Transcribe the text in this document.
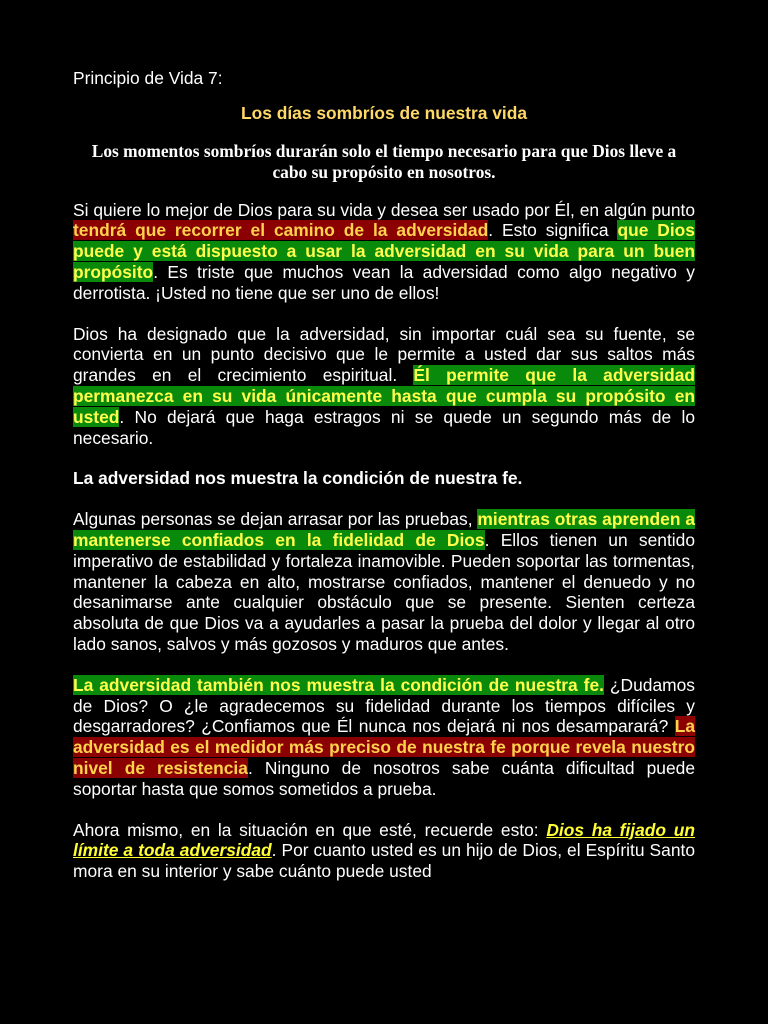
Principio de Vida 7:
Los días sombríos de nuestra vida
Los momentos sombríos durarán solo el tiempo necesario para que Dios lleve a cabo su propósito en nosotros.

Si quiere lo mejor de Dios para su vida y desea ser usado por Él, en algún punto tendrá que recorrer el camino de la adversidad. Esto significa que Dios puede y está dispuesto a usar la adversidad en su vida para un buen propósito. Es triste que muchos vean la adversidad como algo negativo y derrotista. ¡Usted no tiene que ser uno de ellos!

Dios ha designado que la adversidad, sin importar cuál sea su fuente, se convierta en un punto decisivo que le permite a usted dar sus saltos más grandes en el crecimiento espiritual. Él permite que la adversidad permanezca en su vida únicamente hasta que cumpla su propósito en usted. No dejará que haga estragos ni se quede un segundo más de lo necesario.

La adversidad nos muestra la condición de nuestra fe.

Algunas personas se dejan arrasar por las pruebas, mientras otras aprenden a mantenerse confiados en la fidelidad de Dios. Ellos tienen un sentido imperativo de estabilidad y fortaleza inamovible. Pueden soportar las tormentas, mantener la cabeza en alto, mostrarse confiados, mantener el denuedo y no desanimarse ante cualquier obstáculo que se presente. Sienten certeza absoluta de que Dios va a ayudarles a pasar la prueba del dolor y llegar al otro lado sanos, salvos y más gozosos y maduros que antes.

La adversidad también nos muestra la condición de nuestra fe. ¿Dudamos de Dios? O ¿le agradecemos su fidelidad durante los tiempos difíciles y desgarradores? ¿Confiamos que Él nunca nos dejará ni nos desamparará? La adversidad es el medidor más preciso de nuestra fe porque revela nuestro nivel de resistencia. Ninguno de nosotros sabe cuánta dificultad puede soportar hasta que somos sometidos a prueba.

Ahora mismo, en la situación en que esté, recuerde esto: Dios ha fijado un límite a toda adversidad. Por cuanto usted es un hijo de Dios, el Espíritu Santo mora en su interior y sabe cuánto puede usted
